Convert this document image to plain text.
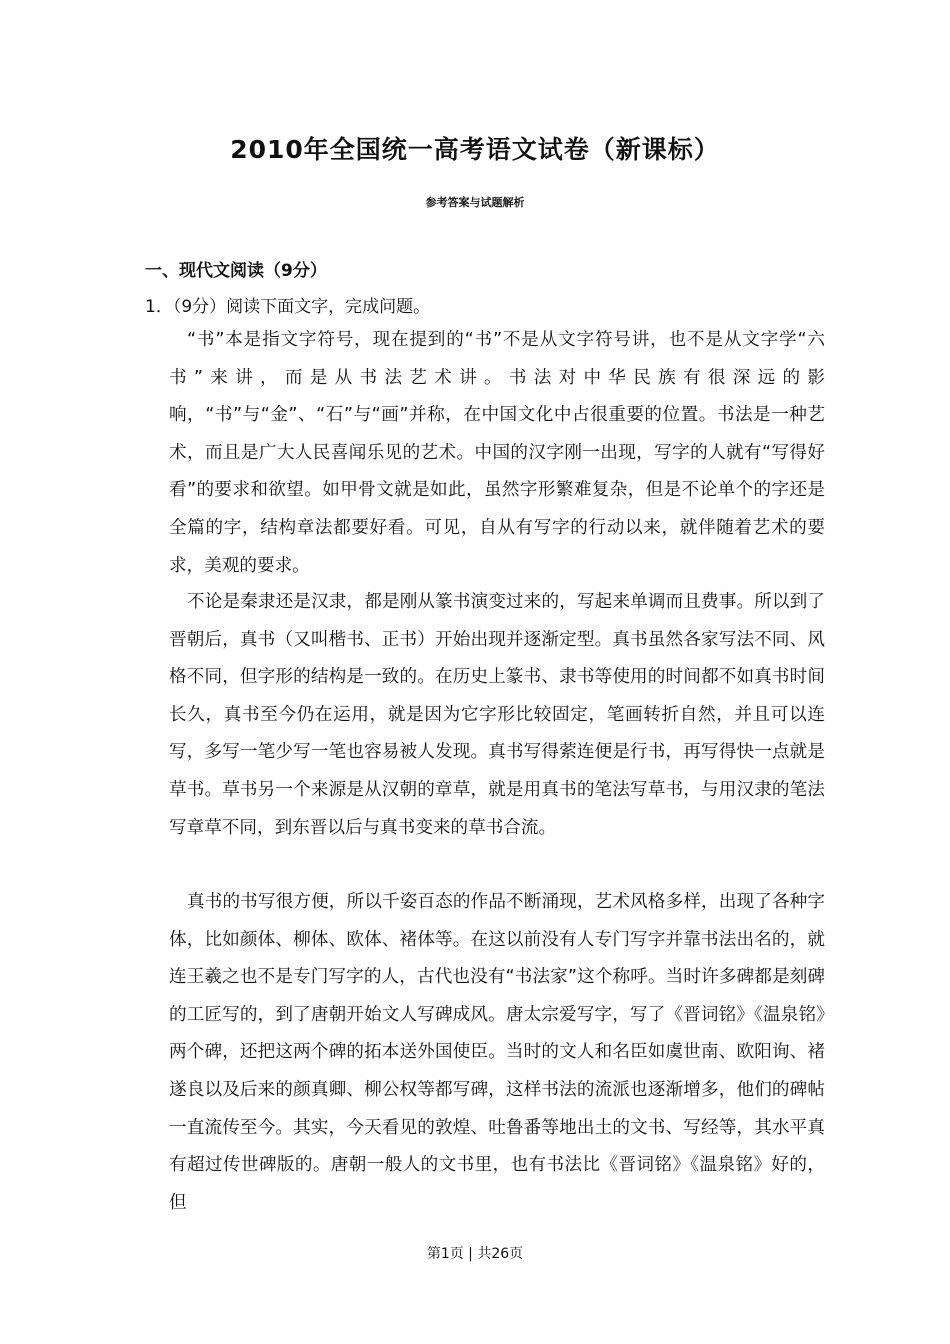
2010年全国统一高考语文试卷（新课标）
参考答案与试题解析
一、现代文阅读（9分）
1．（9分）阅读下面文字，完成问题。

“书”本是指文字符号，现在提到的“书”不是从文字符号讲，也不是从文字学“六书”来讲，而是从书法艺术讲。书法对中华民族有很深远的影响，“书”与“金”、“石”与“画”并称，在中国文化中占很重要的位置。书法是一种艺术，而且是广大人民喜闻乐见的艺术。中国的汉字刚一出现，写字的人就有“写得好看”的要求和欲望。如甲骨文就是如此，虽然字形繁难复杂，但是不论单个的字还是全篇的字，结构章法都要好看。可见，自从有写字的行动以来，就伴随着艺术的要求，美观的要求。

不论是秦隶还是汉隶，都是刚从篆书演变过来的，写起来单调而且费事。所以到了晋朝后，真书（又叫楷书、正书）开始出现并逐渐定型。真书虽然各家写法不同、风格不同，但字形的结构是一致的。在历史上篆书、隶书等使用的时间都不如真书时间长久，真书至今仍在运用，就是因为它字形比较固定，笔画转折自然，并且可以连写，多写一笔少写一笔也容易被人发现。真书写得萦连便是行书，再写得快一点就是草书。草书另一个来源是从汉朝的章草，就是用真书的笔法写草书，与用汉隶的笔法写章草不同，到东晋以后与真书变来的草书合流。

真书的书写很方便，所以千姿百态的作品不断涌现，艺术风格多样，出现了各种字体，比如颜体、柳体、欧体、褚体等。在这以前没有人专门写字并靠书法出名的，就连王羲之也不是专门写字的人，古代也没有“书法家”这个称呼。当时许多碑都是刻碑的工匠写的，到了唐朝开始文人写碑成风。唐太宗爱写字，写了《晋词铭》《温泉铭》两个碑，还把这两个碑的拓本送外国使臣。当时的文人和名臣如虞世南、欧阳询、褚遂良以及后来的颜真卿、柳公权等都写碑，这样书法的流派也逐渐增多，他们的碑帖一直流传至今。其实，今天看见的敦煌、吐鲁番等地出土的文书、写经等，其水平真有超过传世碑版的。唐朝一般人的文书里，也有书法比《晋词铭》《温泉铭》好的，但

第1页 | 共26页
